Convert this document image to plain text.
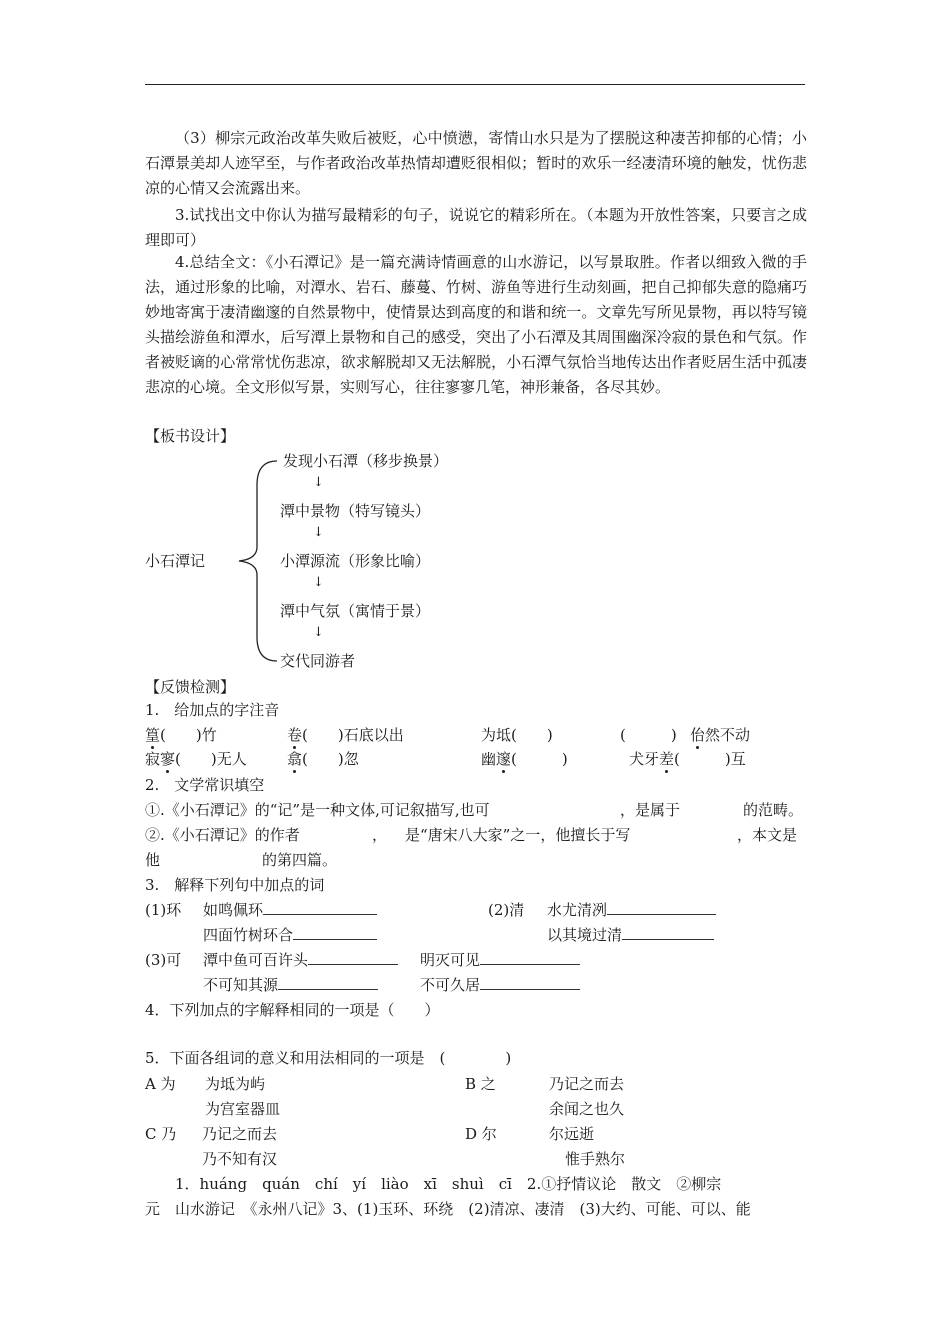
（3）柳宗元政治改革失败后被贬，心中愤懑，寄情山水只是为了摆脱这种凄苦抑郁的心情；小石潭景美却人迹罕至，与作者政治改革热情却遭贬很相似；暂时的欢乐一经凄清环境的触发，忧伤悲凉的心情又会流露出来。

3.试找出文中你认为描写最精彩的句子，说说它的精彩所在。（本题为开放性答案，只要言之成理即可）

4.总结全文：《小石潭记》是一篇充满诗情画意的山水游记，以写景取胜。作者以细致入微的手法，通过形象的比喻，对潭水、岩石、藤蔓、竹树、游鱼等进行生动刻画，把自己抑郁失意的隐痛巧妙地寄寓于凄清幽邃的自然景物中，使情景达到高度的和谐和统一。文章先写所见景物，再以特写镜头描绘游鱼和潭水，后写潭上景物和自己的感受，突出了小石潭及其周围幽深冷寂的景色和气氛。作者被贬谪的心常常忧伤悲凉，欲求解脱却又无法解脱，小石潭气氛恰当地传达出作者贬居生活中孤凄悲凉的心境。全文形似写景，实则写心，往往寥寥几笔，神形兼备，各尽其妙。

【板书设计】

小石潭记

发现小石潭（移步换景）

↓

潭中景物（特写镜头）

↓

小潭源流（形象比喻）

↓

潭中气氛（寓情于景）

↓

交代同游者

【反馈检测】

1.　给加点的字注音

篁(　　)竹	卷(　　)石底以出	为坻(　　)	(　　　) 佁然不动

寂寥(　　)无人	翕(　　)忽	幽邃(　　　)	犬牙差(　　　)互

2.　文学常识填空

①.《小石潭记》的“记”是一种文体,可记叙描写,也可	，是属于	的范畴。

②.《小石潭记》的作者	， 是“唐宋八大家”之一，他擅长于写	，本文是

他	的第四篇。

3.　解释下列句中加点的词

(1)环 如鸣佩环

四面竹树环合

(2)清 水尤清冽

以其境过清

(3)可 潭中鱼可百许头	明灭可见

不可知其源	不可久居

4．下列加点的字解释相同的一项是（　　）

5．下面各组词的意义和用法相同的一项是　(　　　　)

A 为 为坻为屿

为宫室器皿

B 之	乃记之而去

余闻之也久

C 乃 乃记之而去

乃不知有汉

D 尔	尔远逝

惟手熟尔

1．huáng　quán　chí　yí　liào　xī　shuì　cī　2.①抒情议论　散文　②柳宗

元　山水游记　《永州八记》3、(1)玉环、环绕　(2)清凉、凄清　(3)大约、可能、可以、能
